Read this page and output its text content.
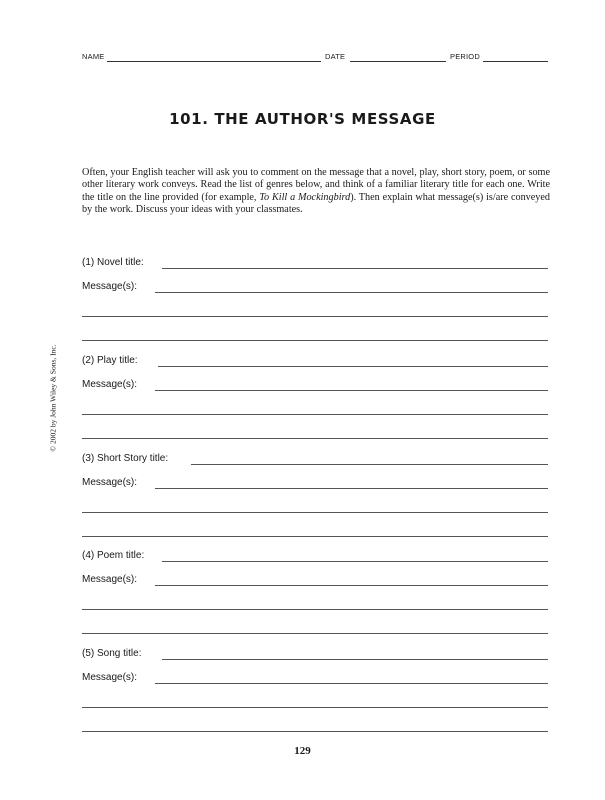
NAME	DATE	PERIOD
101. THE AUTHOR'S MESSAGE
Often, your English teacher will ask you to comment on the message that a novel, play, short story, poem, or some other literary work conveys. Read the list of genres below, and think of a familiar literary title for each one. Write the title on the line provided (for example, To Kill a Mockingbird). Then explain what message(s) is/are conveyed by the work. Discuss your ideas with your classmates.
(1) Novel title:
Message(s):
(2) Play title:
Message(s):
(3) Short Story title:
Message(s):
(4) Poem title:
Message(s):
(5) Song title:
Message(s):
© 2002 by John Wiley & Sons, Inc.
129
